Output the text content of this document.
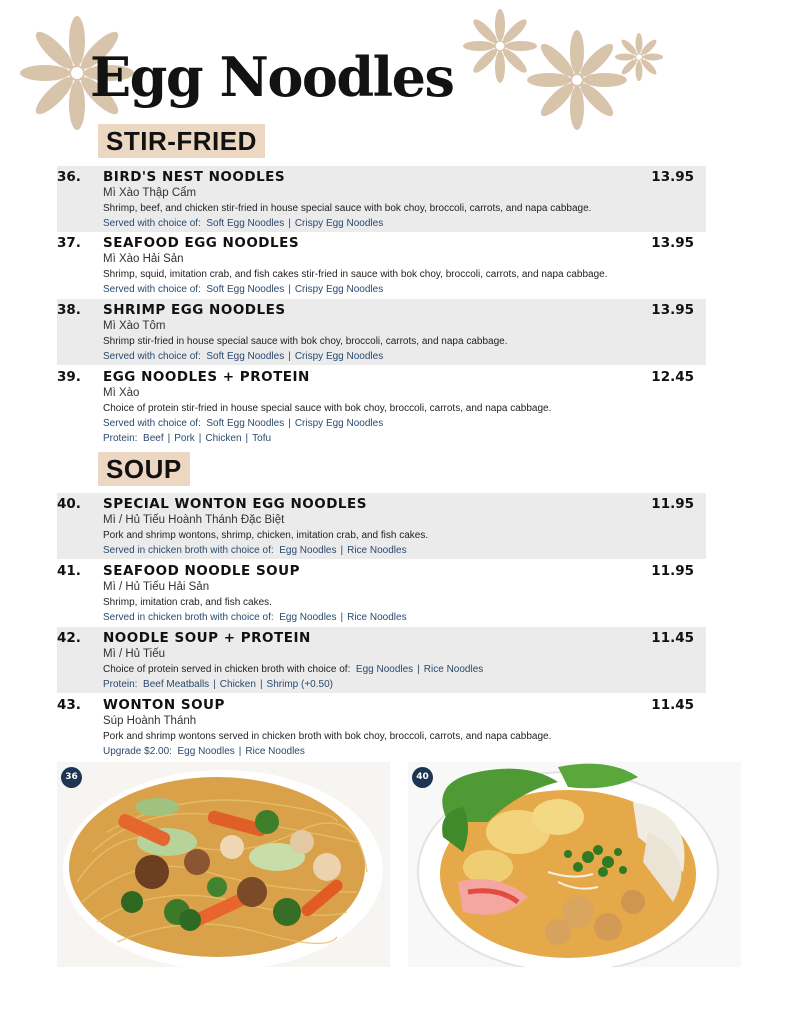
Egg Noodles
STIR-FRIED
36. BIRD'S NEST NOODLES
Mì Xào Thập Cẩm
Shrimp, beef, and chicken stir-fried in house special sauce with bok choy, broccoli, carrots, and napa cabbage.
Served with choice of: Soft Egg Noodles | Crispy Egg Noodles
13.95
37. SEAFOOD EGG NOODLES
Mì Xào Hải Sản
Shrimp, squid, imitation crab, and fish cakes stir-fried in sauce with bok choy, broccoli, carrots, and napa cabbage.
Served with choice of: Soft Egg Noodles | Crispy Egg Noodles
13.95
38. SHRIMP EGG NOODLES
Mì Xào Tôm
Shrimp stir-fried in house special sauce with bok choy, broccoli, carrots, and napa cabbage.
Served with choice of: Soft Egg Noodles | Crispy Egg Noodles
13.95
39. EGG NOODLES + PROTEIN
Mì Xào
Choice of protein stir-fried in house special sauce with bok choy, broccoli, carrots, and napa cabbage.
Served with choice of: Soft Egg Noodles | Crispy Egg Noodles
Protein: Beef | Pork | Chicken | Tofu
12.45
SOUP
40. SPECIAL WONTON EGG NOODLES
Mì / Hủ Tiếu Hoành Thánh Đặc Biệt
Pork and shrimp wontons, shrimp, chicken, imitation crab, and fish cakes.
Served in chicken broth with choice of: Egg Noodles | Rice Noodles
11.95
41. SEAFOOD NOODLE SOUP
Mì / Hủ Tiếu Hải Sản
Shrimp, imitation crab, and fish cakes.
Served in chicken broth with choice of: Egg Noodles | Rice Noodles
11.95
42. NOODLE SOUP + PROTEIN
Mì / Hủ Tiếu
Choice of protein served in chicken broth with choice of: Egg Noodles | Rice Noodles
Protein: Beef Meatballs | Chicken | Shrimp (+0.50)
11.45
43. WONTON SOUP
Súp Hoành Thánh
Pork and shrimp wontons served in chicken broth with bok choy, broccoli, carrots, and napa cabbage.
Upgrade $2.00: Egg Noodles | Rice Noodles
11.45
36	40
